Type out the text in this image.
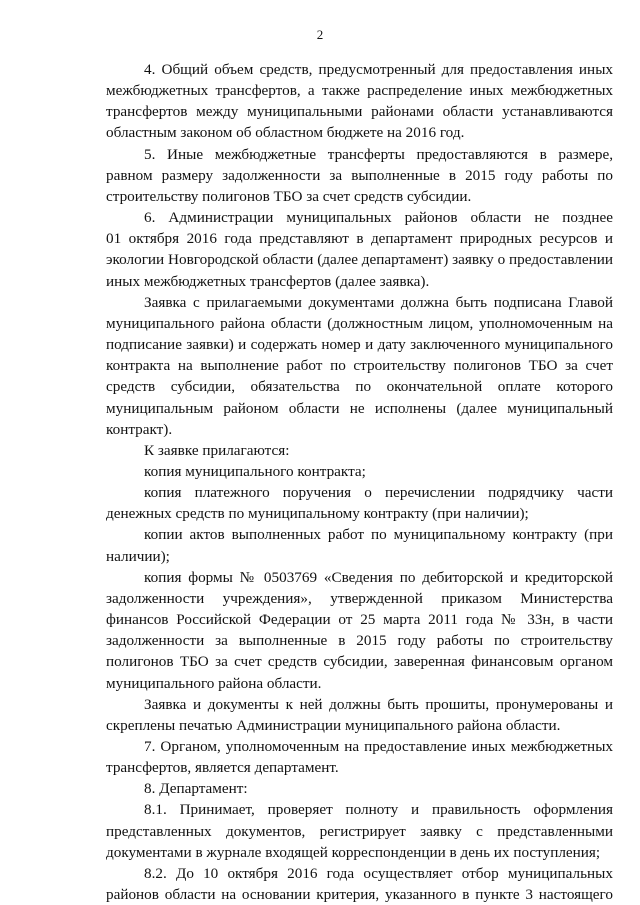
2

4. Общий объем средств, предусмотренный для предоставления иных
межбюджетных трансфертов, а также распределение иных межбюджетных
трансфертов между муниципальными районами области устанавливаются
областным законом об областном бюджете на 2016 год.

5. Иные межбюджетные трансферты предоставляются в размере,
равном размеру задолженности за выполненные в 2015 году работы по
строительству полигонов ТБО за счет средств субсидии.

6. Администрации муниципальных районов области не позднее
01 октября 2016 года представляют в департамент природных ресурсов и
экологии Новгородской области (далее департамент) заявку о предоставлении
иных межбюджетных трансфертов (далее заявка).

Заявка с прилагаемыми документами должна быть подписана Главой
муниципального района области (должностным лицом, уполномоченным на
подписание заявки) и содержать номер и дату заключенного муниципального
контракта на выполнение работ по строительству полигонов ТБО за счет
средств субсидии, обязательства по окончательной оплате которого
муниципальным районом области не исполнены (далее муниципальный
контракт).

К заявке прилагаются:

копия муниципального контракта;

копия платежного поручения о перечислении подрядчику части
денежных средств по муниципальному контракту (при наличии);

копии актов выполненных работ по муниципальному контракту (при
наличии);

копия формы № 0503769 «Сведения по дебиторской и кредиторской
задолженности учреждения», утвержденной приказом Министерства
финансов Российской Федерации от 25 марта 2011 года № 33н, в части
задолженности за выполненные в 2015 году работы по строительству
полигонов ТБО за счет средств субсидии, заверенная финансовым органом
муниципального района области.

Заявка и документы к ней должны быть прошиты, пронумерованы и
скреплены печатью Администрации муниципального района области.

7. Органом, уполномоченным на предоставление иных межбюджетных
трансфертов, является департамент.

8. Департамент:

8.1. Принимает, проверяет полноту и правильность оформления
представленных документов, регистрирует заявку с представленными
документами в журнале входящей корреспонденции в день их поступления;

8.2. До 10 октября 2016 года осуществляет отбор муниципальных
районов области на основании критерия, указанного в пункте 3 настоящего
